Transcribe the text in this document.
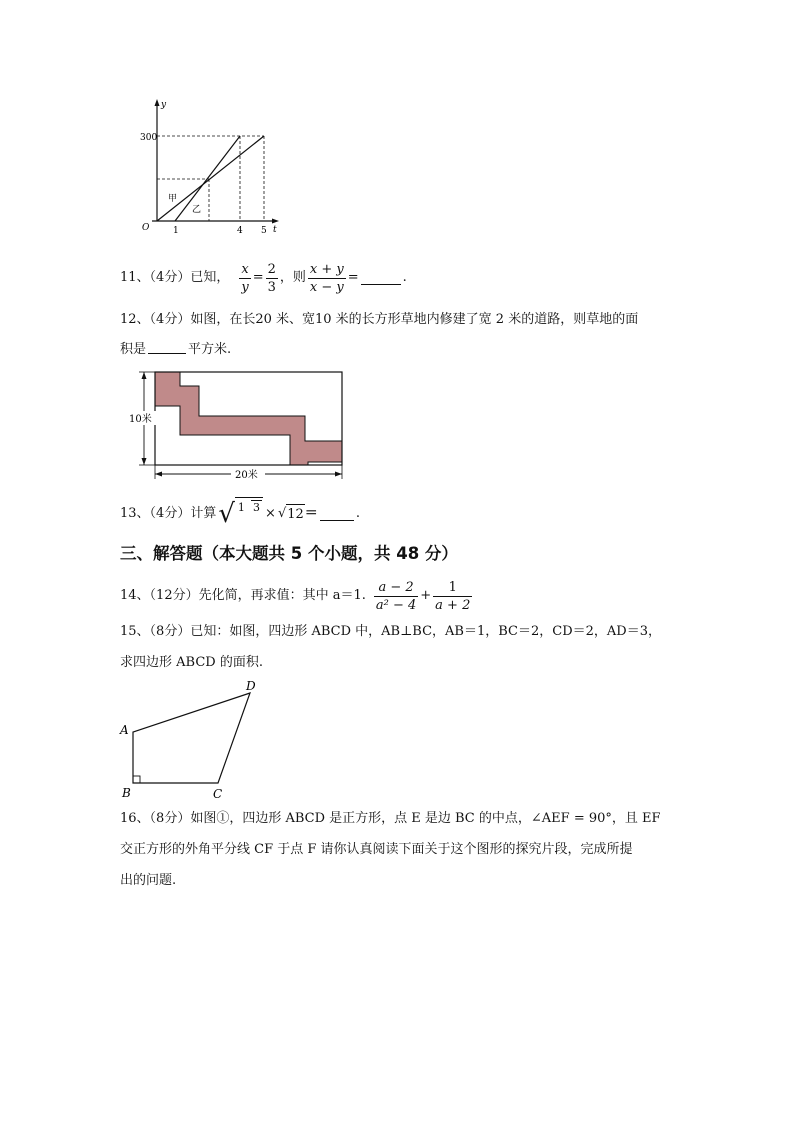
y
t
O
300
1	4 5
甲
乙
11、（4分）已知， $\frac{x}{y} = \frac{2}{3}$ ，则 $\frac{x + y}{x - y}$ =	.
12、（4分）如图，在长20 米、宽10 米的长方形草地内修建了宽 2 米的道路，则草地的面
积是	平方米.
10米
20米
13、（4分）计算 √ 1 3 × √ 12 ＝	.
三、解答题（本大题共 5 个小题，共 48 分）
14、（12分）先化简，再求值：其中 a＝1. $\frac{a - 2}{\text{a² − 4}} + \frac{1}{a + 2}$
15、（8分）已知：如图，四边形 ABCD 中，AB⊥BC，AB＝1，BC＝2，CD＝2，AD＝3，
求四边形 ABCD 的面积.
A
B	C
D
16、（8分）如图①，四边形 ABCD 是正方形，点 E 是边 BC 的中点，∠AEF = 90°，且 EF
交正方形的外角平分线 CF 于点 F 请你认真阅读下面关于这个图形的探究片段，完成所提
出的问题.
